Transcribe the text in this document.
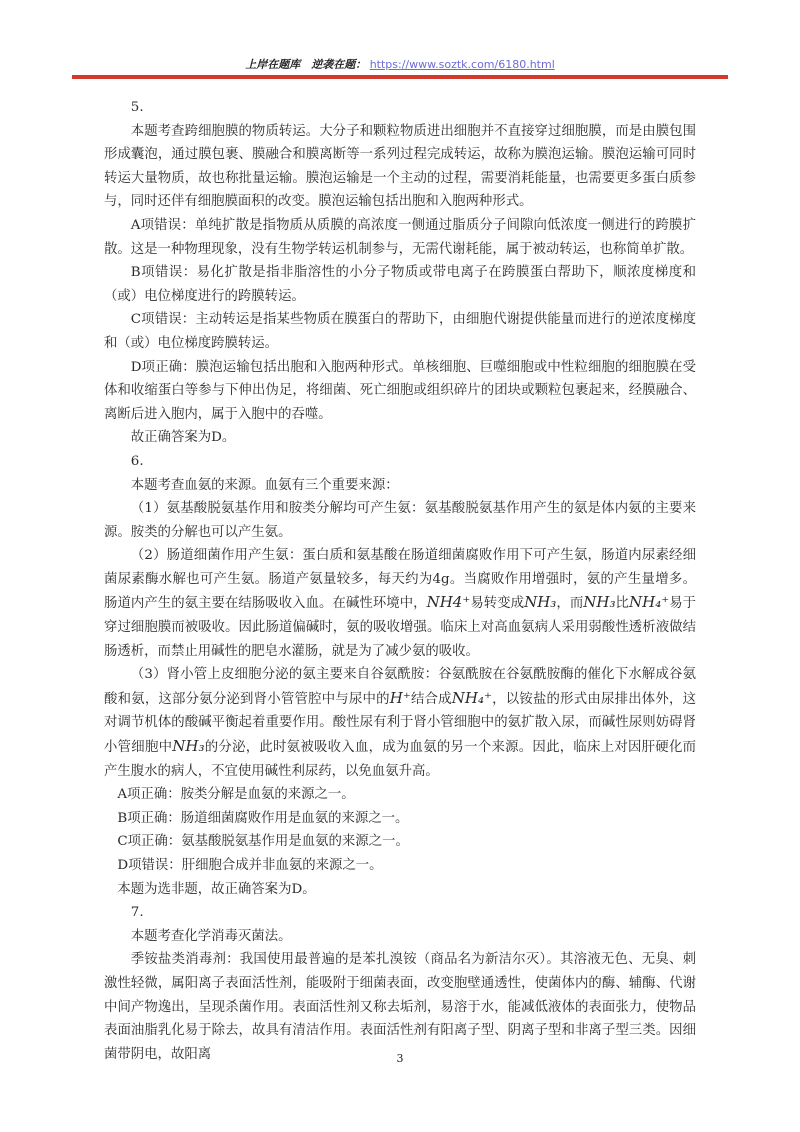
上岸在题库　逆袭在题： https://www.soztk.com/6180.html

5.

本题考查跨细胞膜的物质转运。大分子和颗粒物质进出细胞并不直接穿过细胞膜，而是由膜包围形成囊泡，通过膜包裹、膜融合和膜离断等一系列过程完成转运，故称为膜泡运输。膜泡运输可同时转运大量物质，故也称批量运输。膜泡运输是一个主动的过程，需要消耗能量，也需要更多蛋白质参与，同时还伴有细胞膜面积的改变。膜泡运输包括出胞和入胞两种形式。

A项错误：单纯扩散是指物质从质膜的高浓度一侧通过脂质分子间隙向低浓度一侧进行的跨膜扩散。这是一种物理现象，没有生物学转运机制参与，无需代谢耗能，属于被动转运，也称简单扩散。

B项错误：易化扩散是指非脂溶性的小分子物质或带电离子在跨膜蛋白帮助下，顺浓度梯度和（或）电位梯度进行的跨膜转运。

C项错误：主动转运是指某些物质在膜蛋白的帮助下，由细胞代谢提供能量而进行的逆浓度梯度和（或）电位梯度跨膜转运。

D项正确：膜泡运输包括出胞和入胞两种形式。单核细胞、巨噬细胞或中性粒细胞的细胞膜在受体和收缩蛋白等参与下伸出伪足，将细菌、死亡细胞或组织碎片的团块或颗粒包裹起来，经膜融合、离断后进入胞内，属于入胞中的吞噬。

故正确答案为D。

6.

本题考查血氨的来源。血氨有三个重要来源：

（1）氨基酸脱氨基作用和胺类分解均可产生氨：氨基酸脱氨基作用产生的氨是体内氨的主要来源。胺类的分解也可以产生氨。

（2）肠道细菌作用产生氨：蛋白质和氨基酸在肠道细菌腐败作用下可产生氨，肠道内尿素经细菌尿素酶水解也可产生氨。肠道产氨量较多，每天约为4g。当腐败作用增强时，氨的产生量增多。肠道内产生的氨主要在结肠吸收入血。在碱性环境中，NH4⁺易转变成NH₃，而NH₃比NH₄⁺易于穿过细胞膜而被吸收。因此肠道偏碱时，氨的吸收增强。临床上对高血氨病人采用弱酸性透析液做结肠透析，而禁止用碱性的肥皂水灌肠，就是为了减少氨的吸收。

（3）肾小管上皮细胞分泌的氨主要来自谷氨酰胺：谷氨酰胺在谷氨酰胺酶的催化下水解成谷氨酸和氨，这部分氨分泌到肾小管管腔中与尿中的H⁺结合成NH₄⁺，以铵盐的形式由尿排出体外，这对调节机体的酸碱平衡起着重要作用。酸性尿有利于肾小管细胞中的氨扩散入尿，而碱性尿则妨碍肾小管细胞中NH₃的分泌，此时氨被吸收入血，成为血氨的另一个来源。因此，临床上对因肝硬化而产生腹水的病人，不宜使用碱性利尿药，以免血氨升高。

A项正确：胺类分解是血氨的来源之一。

B项正确：肠道细菌腐败作用是血氨的来源之一。

C项正确：氨基酸脱氨基作用是血氨的来源之一。

D项错误：肝细胞合成并非血氨的来源之一。

本题为选非题，故正确答案为D。

7.

本题考查化学消毒灭菌法。

季铵盐类消毒剂：我国使用最普遍的是苯扎溴铵（商品名为新洁尔灭）。其溶液无色、无臭、刺激性轻微，属阳离子表面活性剂，能吸附于细菌表面，改变胞壁通透性，使菌体内的酶、辅酶、代谢中间产物逸出，呈现杀菌作用。表面活性剂又称去垢剂，易溶于水，能减低液体的表面张力，使物品表面油脂乳化易于除去，故具有清洁作用。表面活性剂有阳离子型、阴离子型和非离子型三类。因细菌带阴电，故阳离	3
